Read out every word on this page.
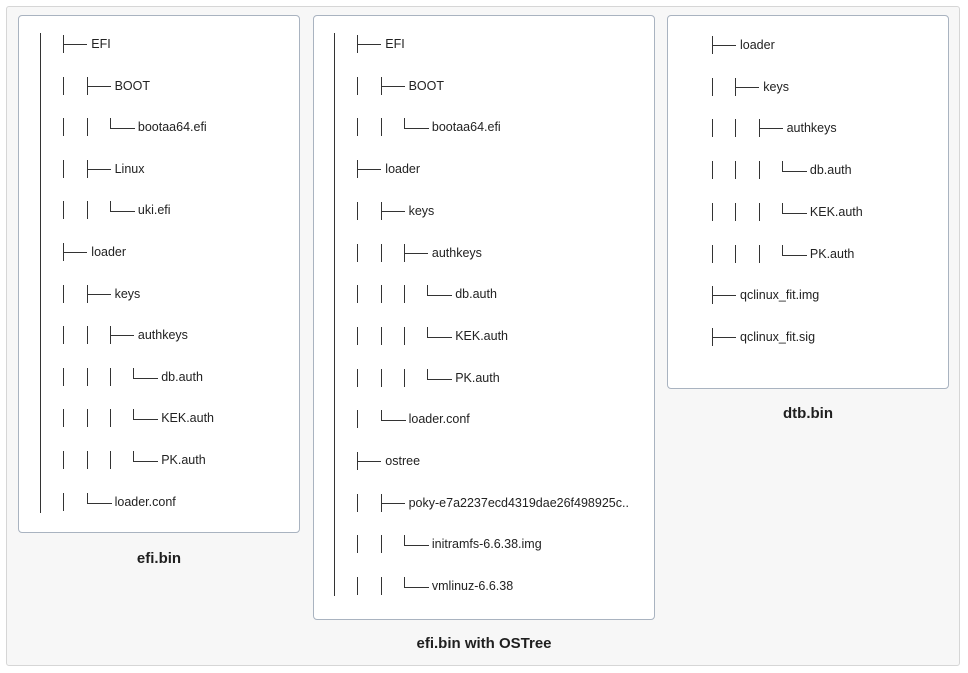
EFI
BOOT
bootaa64.efi
Linux
uki.efi
loader
keys
authkeys
db.auth
KEK.auth
PK.auth
loader.conf
efi.bin
EFI
BOOT
bootaa64.efi
loader
keys
authkeys
db.auth
KEK.auth
PK.auth
loader.conf
ostree
poky-e7a2237ecd4319dae26f498925c..
initramfs-6.6.38.img
vmlinuz-6.6.38
efi.bin with OSTree
loader
keys
authkeys
db.auth
KEK.auth
PK.auth
qclinux_fit.img
qclinux_fit.sig
dtb.bin
